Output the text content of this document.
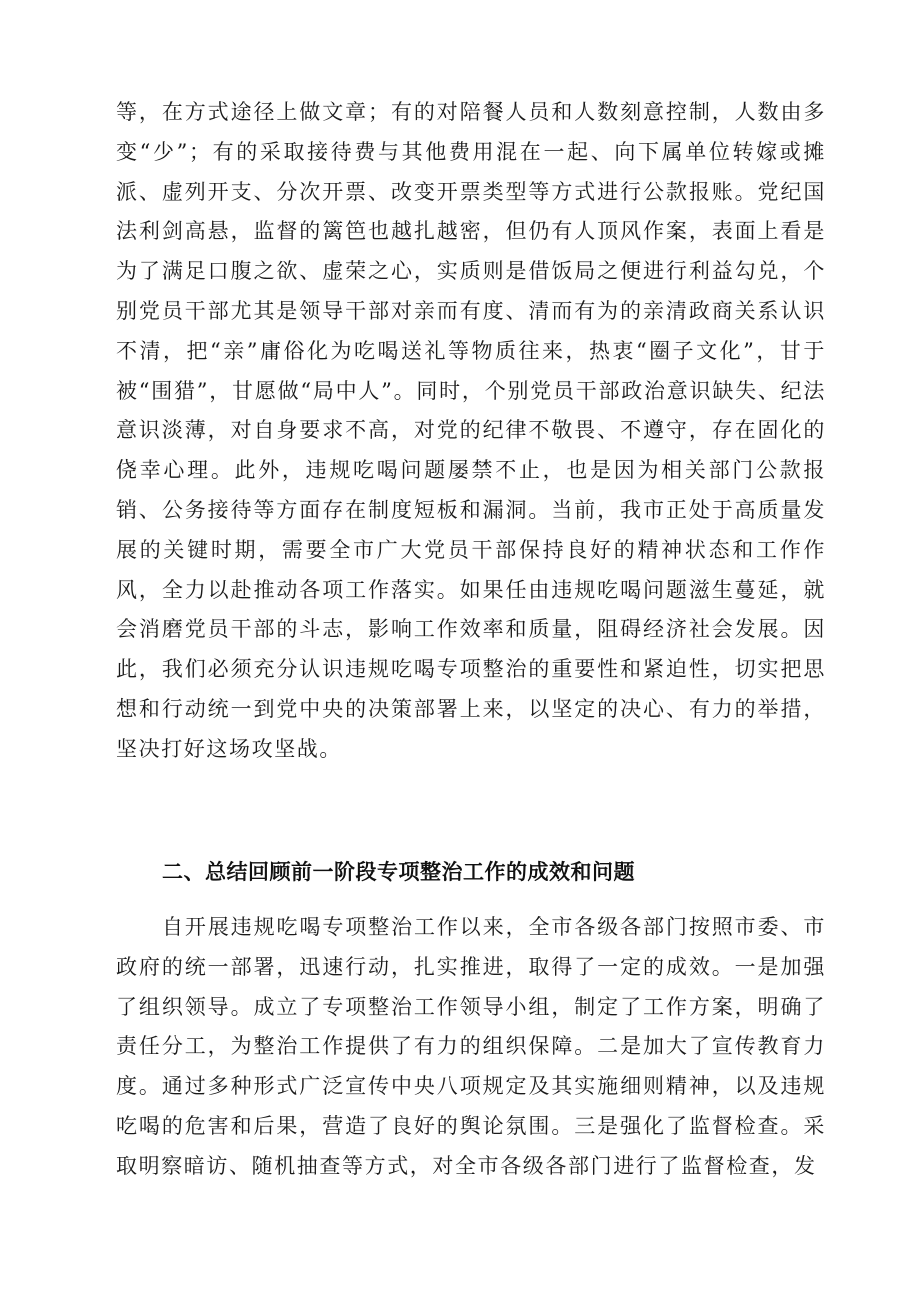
等，在方式途径上做文章；有的对陪餐人员和人数刻意控制，人数由多变“少”；有的采取接待费与其他费用混在一起、向下属单位转嫁或摊派、虚列开支、分次开票、改变开票类型等方式进行公款报账。党纪国法利剑高悬，监督的篱笆也越扎越密，但仍有人顶风作案，表面上看是为了满足口腹之欲、虚荣之心，实质则是借饭局之便进行利益勾兑，个别党员干部尤其是领导干部对亲而有度、清而有为的亲清政商关系认识不清，把“亲”庸俗化为吃喝送礼等物质往来，热衷“圈子文化”，甘于被“围猎”，甘愿做“局中人”。同时，个别党员干部政治意识缺失、纪法意识淡薄，对自身要求不高，对党的纪律不敬畏、不遵守，存在固化的侥幸心理。此外，违规吃喝问题屡禁不止，也是因为相关部门公款报销、公务接待等方面存在制度短板和漏洞。当前，我市正处于高质量发展的关键时期，需要全市广大党员干部保持良好的精神状态和工作作风，全力以赴推动各项工作落实。如果任由违规吃喝问题滋生蔓延，就会消磨党员干部的斗志，影响工作效率和质量，阻碍经济社会发展。因此，我们必须充分认识违规吃喝专项整治的重要性和紧迫性，切实把思想和行动统一到党中央的决策部署上来，以坚定的决心、有力的举措，坚决打好这场攻坚战。

二、总结回顾前一阶段专项整治工作的成效和问题

自开展违规吃喝专项整治工作以来，全市各级各部门按照市委、市政府的统一部署，迅速行动，扎实推进，取得了一定的成效。一是加强了组织领导。成立了专项整治工作领导小组，制定了工作方案，明确了责任分工，为整治工作提供了有力的组织保障。二是加大了宣传教育力度。通过多种形式广泛宣传中央八项规定及其实施细则精神，以及违规吃喝的危害和后果，营造了良好的舆论氛围。三是强化了监督检查。采取明察暗访、随机抽查等方式，对全市各级各部门进行了监督检查，发
